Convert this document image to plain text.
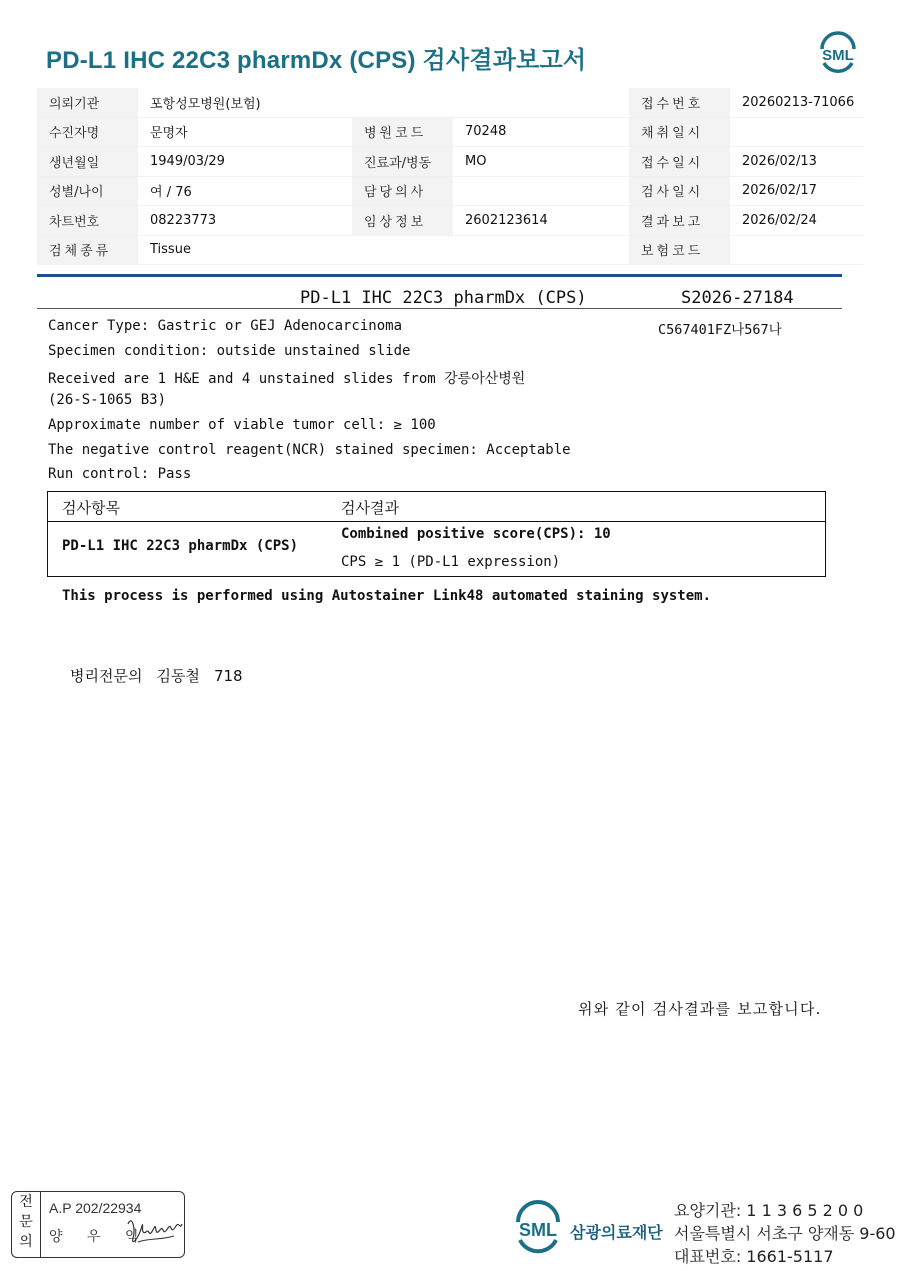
PD-L1 IHC 22C3 pharmDx (CPS) 검사결과보고서	SML
의뢰기관	포항성모병원(보험)			접수번호	20260213-71066
수진자명	문명자	병원코드	70248	채취일시	
생년월일	1949/03/29	진료과/병동	MO	접수일시	2026/02/13
성별/나이	여 / 76	담당의사		검사일시	2026/02/17
차트번호	08223773	임상정보	2602123614	결과보고	2026/02/24
검체종류	Tissue			보험코드	
PD-L1 IHC 22C3 pharmDx (CPS)	S2026-27184
C567401FZ나567나
Cancer Type: Gastric or GEJ Adenocarcinoma
Specimen condition: outside unstained slide
Received are 1 H&E and 4 unstained slides from 강릉아산병원
(26-S-1065 B3)
Approximate number of viable tumor cell: ≥ 100
The negative control reagent(NCR) stained specimen: Acceptable
Run control: Pass
검사항목	검사결과
PD-L1 IHC 22C3 pharmDx (CPS)
Combined positive score(CPS): 10
CPS ≥ 1 (PD-L1 expression)
This process is performed using Autostainer Link48 automated staining system.
병리전문의 김동철 718
위와 같이 검사결과를 보고합니다.
전
문
의
A.P 202/22934
양 우 익	SML 삼광의료재단
요양기관: 1 1 3 6 5 2 0 0
서울특별시 서초구 양재동 9-60
대표번호: 1661-5117
